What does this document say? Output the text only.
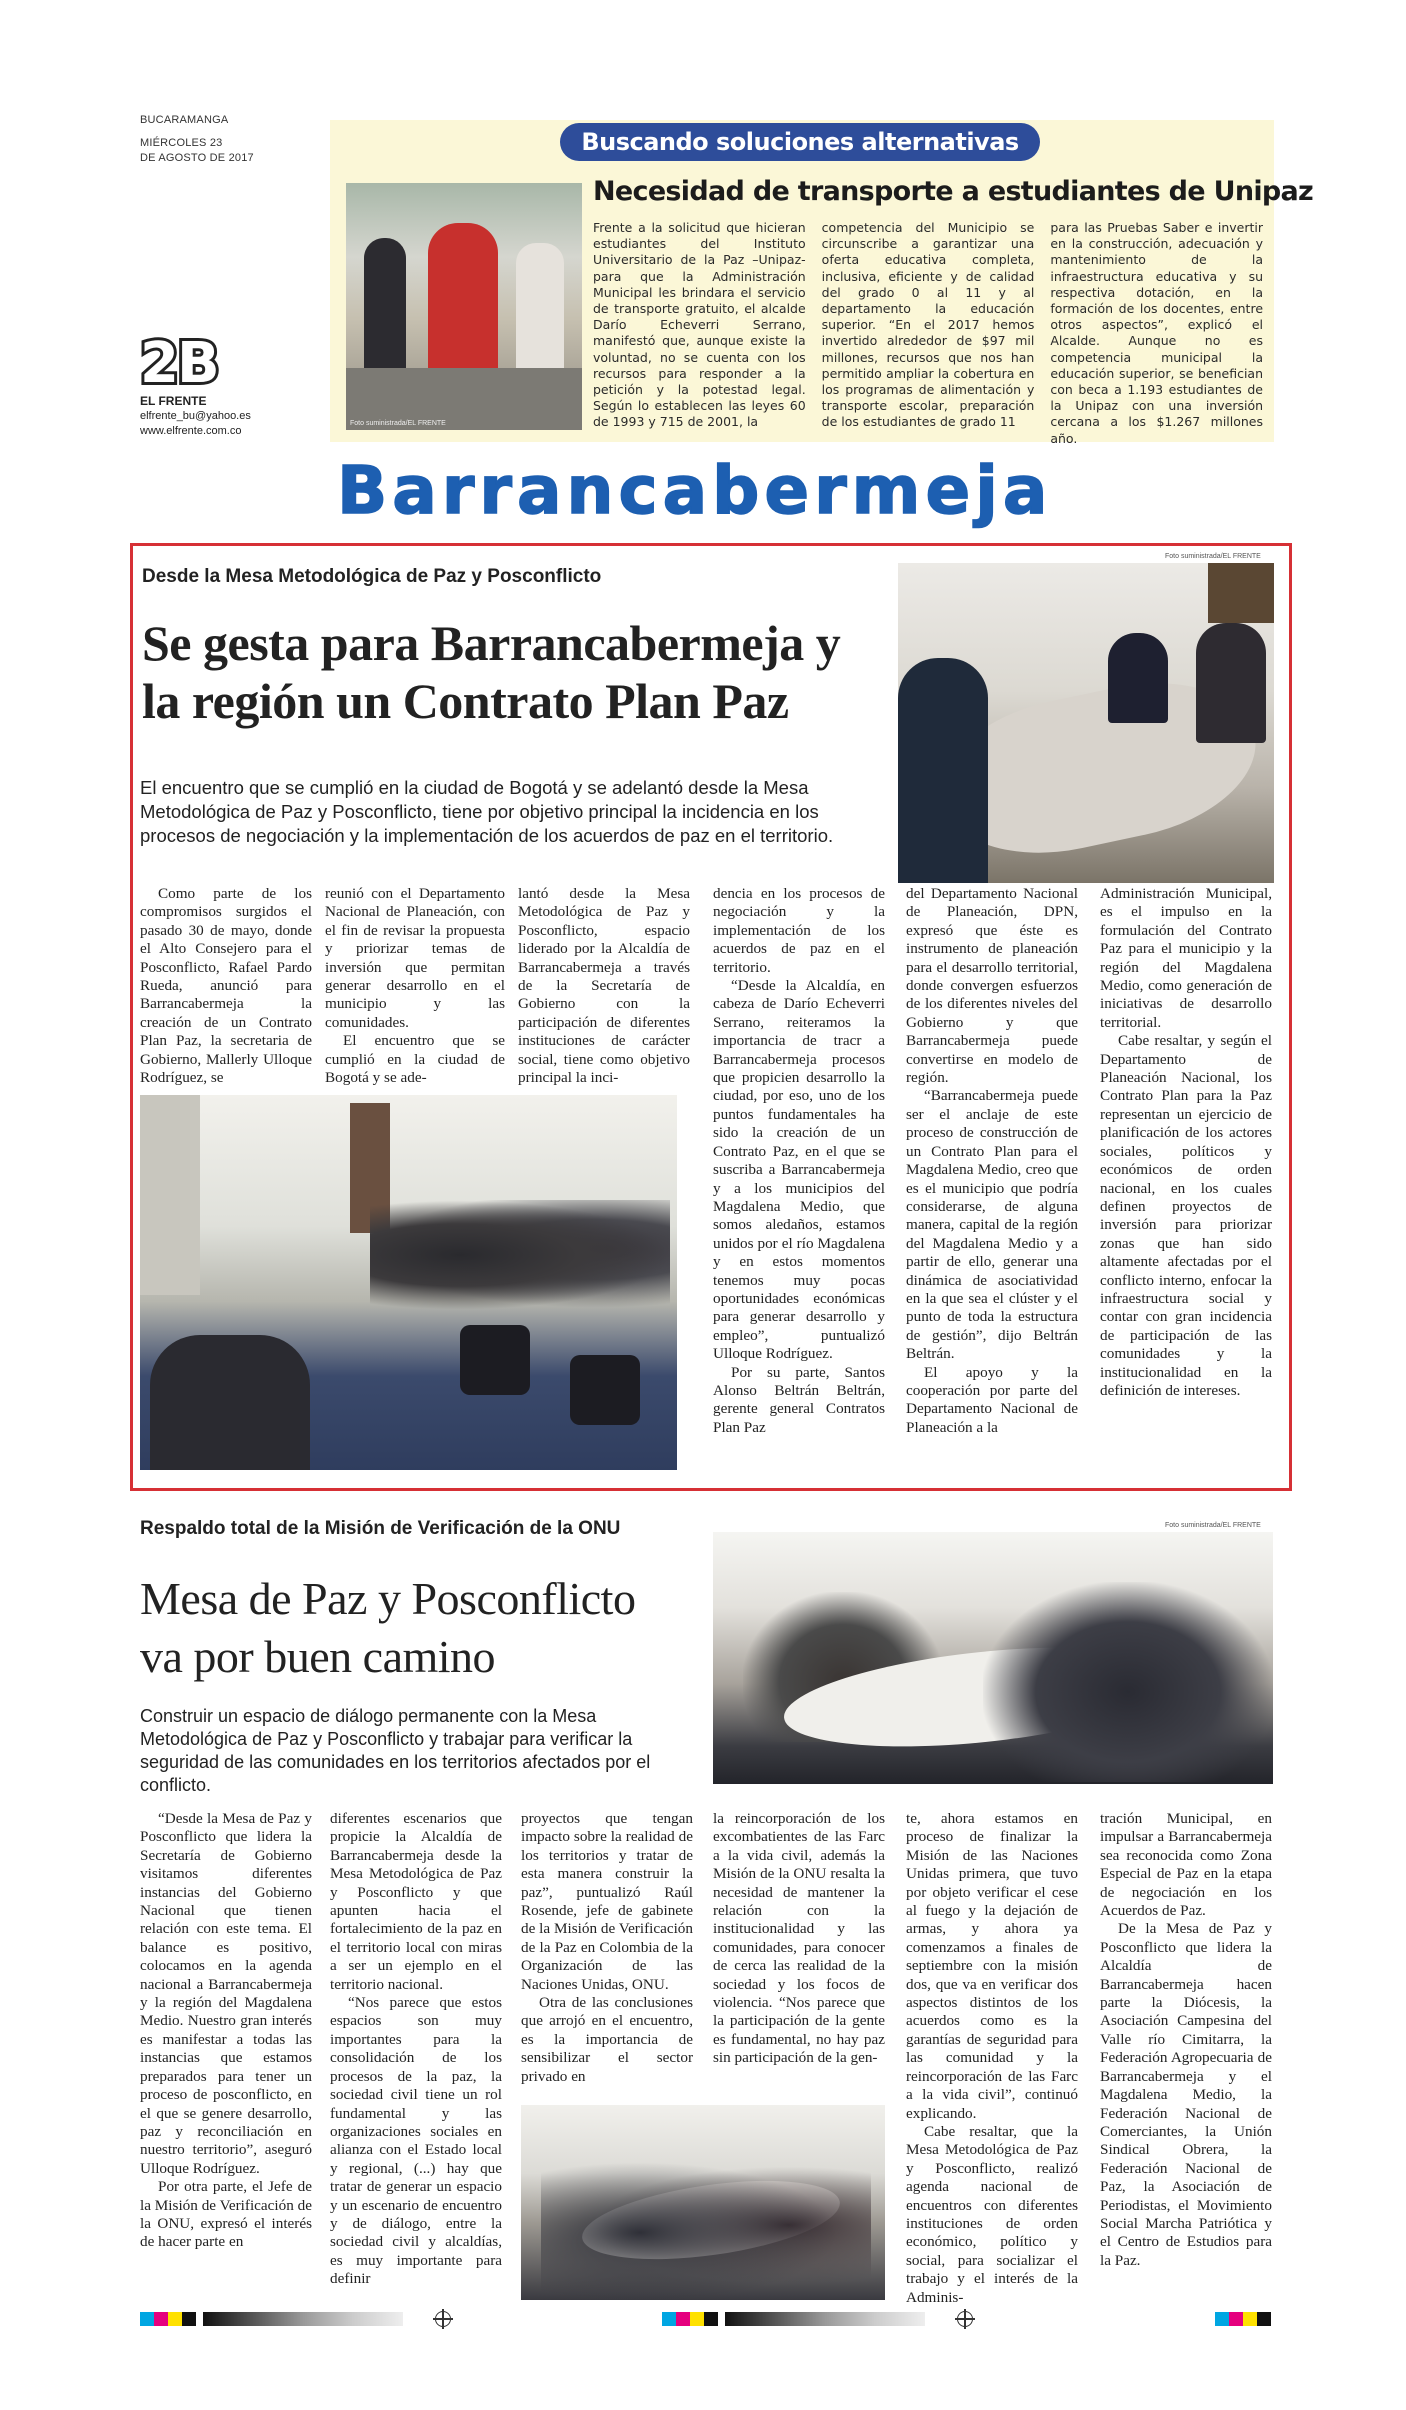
BUCARAMANGA
MIÉRCOLES 23
DE AGOSTO DE 2017
2B
EL FRENTE
elfrente_bu@yahoo.es
www.elfrente.com.co
Buscando soluciones alternativas
Foto suministrada/EL FRENTE
Necesidad de transporte a estudiantes de Unipaz
Frente a la solicitud que hicieran estudiantes del Instituto Universitario de la Paz –Unipaz- para que la Administración Municipal les brindara el servicio de transporte gratuito, el alcalde Darío Echeverri Serrano, manifestó que, aunque existe la voluntad, no se cuenta con los recursos para responder a la petición y la potestad legal. Según lo establecen las leyes 60 de 1993 y 715 de 2001, la
competencia del Municipio se circunscribe a garantizar una oferta educativa completa, inclusiva, eficiente y de calidad del grado 0 al 11 y al departamento la educación superior. “En el 2017 hemos invertido alrededor de $97 mil millones, recursos que nos han permitido ampliar la cobertura en los programas de alimentación y transporte escolar, preparación de los estudiantes de grado 11
para las Pruebas Saber e invertir en la construcción, adecuación y mantenimiento de la infraestructura educativa y su respectiva dotación, en la formación de los docentes, entre otros aspectos”, explicó el Alcalde. Aunque no es competencia municipal la educación superior, se benefician con beca a 1.193 estudiantes de la Unipaz con una inversión cercana a los $1.267 millones año.
Barrancabermeja
Desde la Mesa Metodológica de Paz y Posconflicto
Se gesta para Barrancabermeja y
la región un Contrato Plan Paz
El encuentro que se cumplió en la ciudad de Bogotá y se adelantó desde la Mesa Metodológica de Paz y Posconflicto, tiene por objetivo principal la incidencia en los procesos de negociación y la implementación de los acuerdos de paz en el territorio.
Foto suministrada/EL FRENTE

Como parte de los compromisos surgidos el pasado 30 de mayo, donde el Alto Consejero para el Posconflicto, Rafael Pardo Rueda, anunció para Barrancabermeja la creación de un Contrato Plan Paz, la secretaria de Gobierno, Mallerly Ulloque Rodríguez, se

reunió con el Departamento Nacional de Planeación, con el fin de revisar la propuesta y priorizar temas de inversión que permitan generar desarrollo en el municipio y las comunidades.

El encuentro que se cumplió en la ciudad de Bogotá y se ade-

lantó desde la Mesa Metodológica de Paz y Posconflicto, espacio liderado por la Alcaldía de Barrancabermeja a través de la Secretaría de Gobierno con la participación de diferentes instituciones de carácter social, tiene como objetivo principal la inci-

dencia en los procesos de negociación y la implementación de los acuerdos de paz en el territorio.

“Desde la Alcaldía, en cabeza de Darío Echeverri Serrano, reiteramos la importancia de tracr a Barrancabermeja procesos que propicien desarrollo la ciudad, por eso, uno de los puntos fundamentales ha sido la creación de un Contrato Paz, en el que se suscriba a Barrancabermeja y a los municipios del Magdalena Medio, que somos aledaños, estamos unidos por el río Magdalena y en estos momentos tenemos muy pocas oportunidades económicas para generar desarrollo y empleo”, puntualizó Ulloque Rodríguez.

Por su parte, Santos Alonso Beltrán Beltrán, gerente general Contratos Plan Paz

del Departamento Nacional de Planeación, DPN, expresó que éste es instrumento de planeación para el desarrollo territorial, donde convergen esfuerzos de los diferentes niveles del Gobierno y que Barrancabermeja puede convertirse en modelo de región.

“Barrancabermeja puede ser el anclaje de este proceso de construcción de un Contrato Plan para el Magdalena Medio, creo que es el municipio que podría considerarse, de alguna manera, capital de la región del Magdalena Medio y a partir de ello, generar una dinámica de asociatividad en la que sea el clúster y el punto de toda la estructura de gestión”, dijo Beltrán Beltrán.

El apoyo y la cooperación por parte del Departamento Nacional de Planeación a la

Administración Municipal, es el impulso en la formulación del Contrato Paz para el municipio y la región del Magdalena Medio, como generación de iniciativas de desarrollo territorial.

Cabe resaltar, y según el Departamento de Planeación Nacional, los Contrato Plan para la Paz representan un ejercicio de planificación de los actores sociales, políticos y económicos de orden nacional, en los cuales definen proyectos de inversión para priorizar zonas que han sido altamente afectadas por el conflicto interno, enfocar la infraestructura social y contar con gran incidencia de participación de las comunidades y la institucionalidad en la definición de intereses.

Respaldo total de la Misión de Verificación de la ONU
Mesa de Paz y Posconflicto
va por buen camino
Construir un espacio de diálogo permanente con la Mesa Metodológica de Paz y Posconflicto y trabajar para verificar la seguridad de las comunidades en los territorios afectados por el conflicto.
Foto suministrada/EL FRENTE

“Desde la Mesa de Paz y Posconflicto que lidera la Secretaría de Gobierno visitamos diferentes instancias del Gobierno Nacional que tienen relación con este tema. El balance es positivo, colocamos en la agenda nacional a Barrancabermeja y la región del Magdalena Medio. Nuestro gran interés es manifestar a todas las instancias que estamos preparados para tener un proceso de posconflicto, en el que se genere desarrollo, paz y reconciliación en nuestro territorio”, aseguró Ulloque Rodríguez.

Por otra parte, el Jefe de la Misión de Verificación de la ONU, expresó el interés de hacer parte en

diferentes escenarios que propicie la Alcaldía de Barrancabermeja desde la Mesa Metodológica de Paz y Posconflicto y que apunten hacia el fortalecimiento de la paz en el territorio local con miras a ser un ejemplo en el territorio nacional.

“Nos parece que estos espacios son muy importantes para la consolidación de los procesos de la paz, la sociedad civil tiene un rol fundamental y las organizaciones sociales en alianza con el Estado local y regional, (...) hay que tratar de generar un espacio y un escenario de encuentro y de diálogo, entre la sociedad civil y alcaldías, es muy importante para definir

proyectos que tengan impacto sobre la realidad de los territorios y tratar de esta manera construir la paz”, puntualizó Raúl Rosende, jefe de gabinete de la Misión de Verificación de la Paz en Colombia de la Organización de las Naciones Unidas, ONU.

Otra de las conclusiones que arrojó en el encuentro, es la importancia de sensibilizar el sector privado en

la reincorporación de los excombatientes de las Farc a la vida civil, además la Misión de la ONU resalta la necesidad de mantener la relación con la institucionalidad y las comunidades, para conocer de cerca las realidad de la sociedad y los focos de violencia. “Nos parece que la participación de la gente es fundamental, no hay paz sin participación de la gen-

te, ahora estamos en proceso de finalizar la Misión de las Naciones Unidas primera, que tuvo por objeto verificar el cese al fuego y la dejación de armas, y ahora ya comenzamos a finales de septiembre con la misión dos, que va en verificar dos aspectos distintos de los acuerdos como es la garantías de seguridad para las comunidad y la reincorporación de las Farc a la vida civil”, continuó explicando.

Cabe resaltar, que la Mesa Metodológica de Paz y Posconflicto, realizó agenda nacional de encuentros con diferentes instituciones de orden económico, político y social, para socializar el trabajo y el interés de la Adminis-

tración Municipal, en impulsar a Barrancabermeja sea reconocida como Zona Especial de Paz en la etapa de negociación en los Acuerdos de Paz.

De la Mesa de Paz y Posconflicto que lidera la Alcaldía de Barrancabermeja hacen parte la Diócesis, la Asociación Campesina del Valle río Cimitarra, la Federación Agropecuaria de Barrancabermeja y el Magdalena Medio, la Federación Nacional de Comerciantes, la Unión Sindical Obrera, la Federación Nacional de Paz, la Asociación de Periodistas, el Movimiento Social Marcha Patriótica y el Centro de Estudios para la Paz.
